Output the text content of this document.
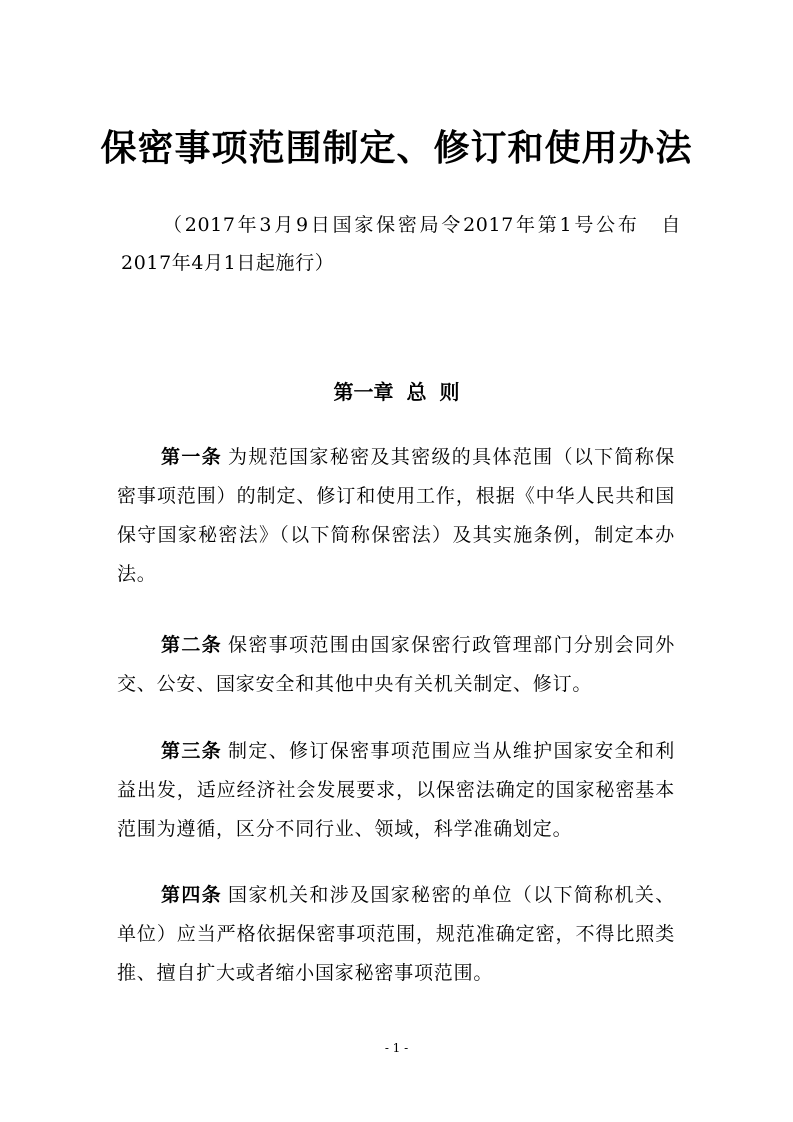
保密事项范围制定、修订和使用办法
（2017年3月9日国家保密局令2017年第1号公布　自2017年4月1日起施行）
第一章 总 则
第一条 为规范国家秘密及其密级的具体范围（以下简称保密事项范围）的制定、修订和使用工作，根据《中华人民共和国保守国家秘密法》（以下简称保密法）及其实施条例，制定本办法。
第二条 保密事项范围由国家保密行政管理部门分别会同外交、公安、国家安全和其他中央有关机关制定、修订。
第三条 制定、修订保密事项范围应当从维护国家安全和利益出发，适应经济社会发展要求，以保密法确定的国家秘密基本范围为遵循，区分不同行业、领域，科学准确划定。
第四条 国家机关和涉及国家秘密的单位（以下简称机关、单位）应当严格依据保密事项范围，规范准确定密，不得比照类推、擅自扩大或者缩小国家秘密事项范围。
- 1 -
